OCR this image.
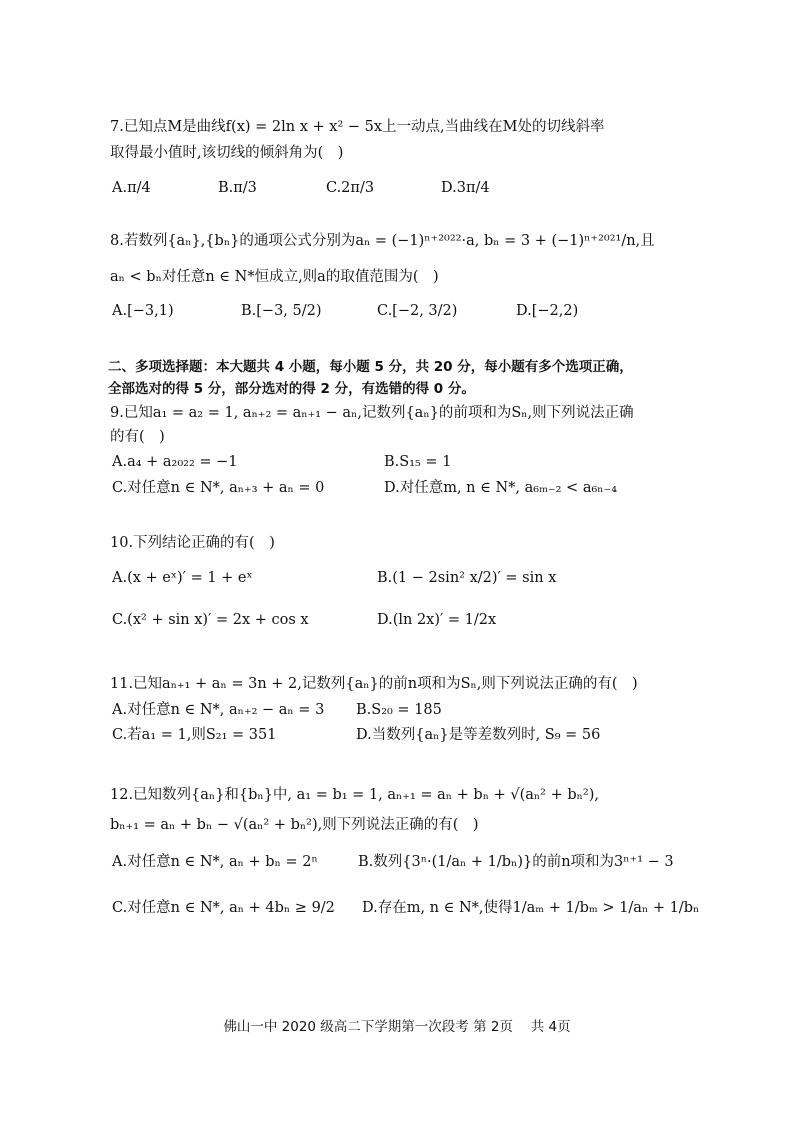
7.已知点M是曲线f(x) = 2ln x + x² − 5x上一动点,当曲线在M处的切线斜率
取得最小值时,该切线的倾斜角为(　)
A.π/4	B.π/3	C.2π/3	D.3π/4
8.若数列{aₙ},{bₙ}的通项公式分别为aₙ = (−1)ⁿ⁺²⁰²²·a, bₙ = 3 + (−1)ⁿ⁺²⁰²¹/n,且
aₙ < bₙ对任意n ∈ N*恒成立,则a的取值范围为(　)
A.[−3,1)	B.[−3, 5/2)	C.[−2, 3/2)	D.[−2,2)
二、多项选择题：本大题共 4 小题，每小题 5 分，共 20 分，每小题有多个选项正确，
全部选对的得 5 分，部分选对的得 2 分，有选错的得 0 分。
9.已知a₁ = a₂ = 1, aₙ₊₂ = aₙ₊₁ − aₙ,记数列{aₙ}的前项和为Sₙ,则下列说法正确
的有(　)
A.a₄ + a₂₀₂₂ = −1	B.S₁₅ = 1
C.对任意n ∈ N*, aₙ₊₃ + aₙ = 0	D.对任意m, n ∈ N*, a₆ₘ₋₂ < a₆ₙ₋₄
10.下列结论正确的有(　)
A.(x + eˣ)′ = 1 + eˣ	B.(1 − 2sin² x/2)′ = sin x
C.(x² + sin x)′ = 2x + cos x	D.(ln 2x)′ = 1/2x
11.已知aₙ₊₁ + aₙ = 3n + 2,记数列{aₙ}的前n项和为Sₙ,则下列说法正确的有(　)
A.对任意n ∈ N*, aₙ₊₂ − aₙ = 3 B.S₂₀ = 185
C.若a₁ = 1,则S₂₁ = 351	D.当数列{aₙ}是等差数列时, S₉ = 56
12.已知数列{aₙ}和{bₙ}中, a₁ = b₁ = 1, aₙ₊₁ = aₙ + bₙ + √(aₙ² + bₙ²),
bₙ₊₁ = aₙ + bₙ − √(aₙ² + bₙ²),则下列说法正确的有(　)
A.对任意n ∈ N*, aₙ + bₙ = 2ⁿ	B.数列{3ⁿ·(1/aₙ + 1/bₙ)}的前n项和为3ⁿ⁺¹ − 3
C.对任意n ∈ N*, aₙ + 4bₙ ≥ 9/2 D.存在m, n ∈ N*,使得1/aₘ + 1/bₘ > 1/aₙ + 1/bₙ
佛山一中 2020 级高二下学期第一次段考 第 2页　 共 4页
